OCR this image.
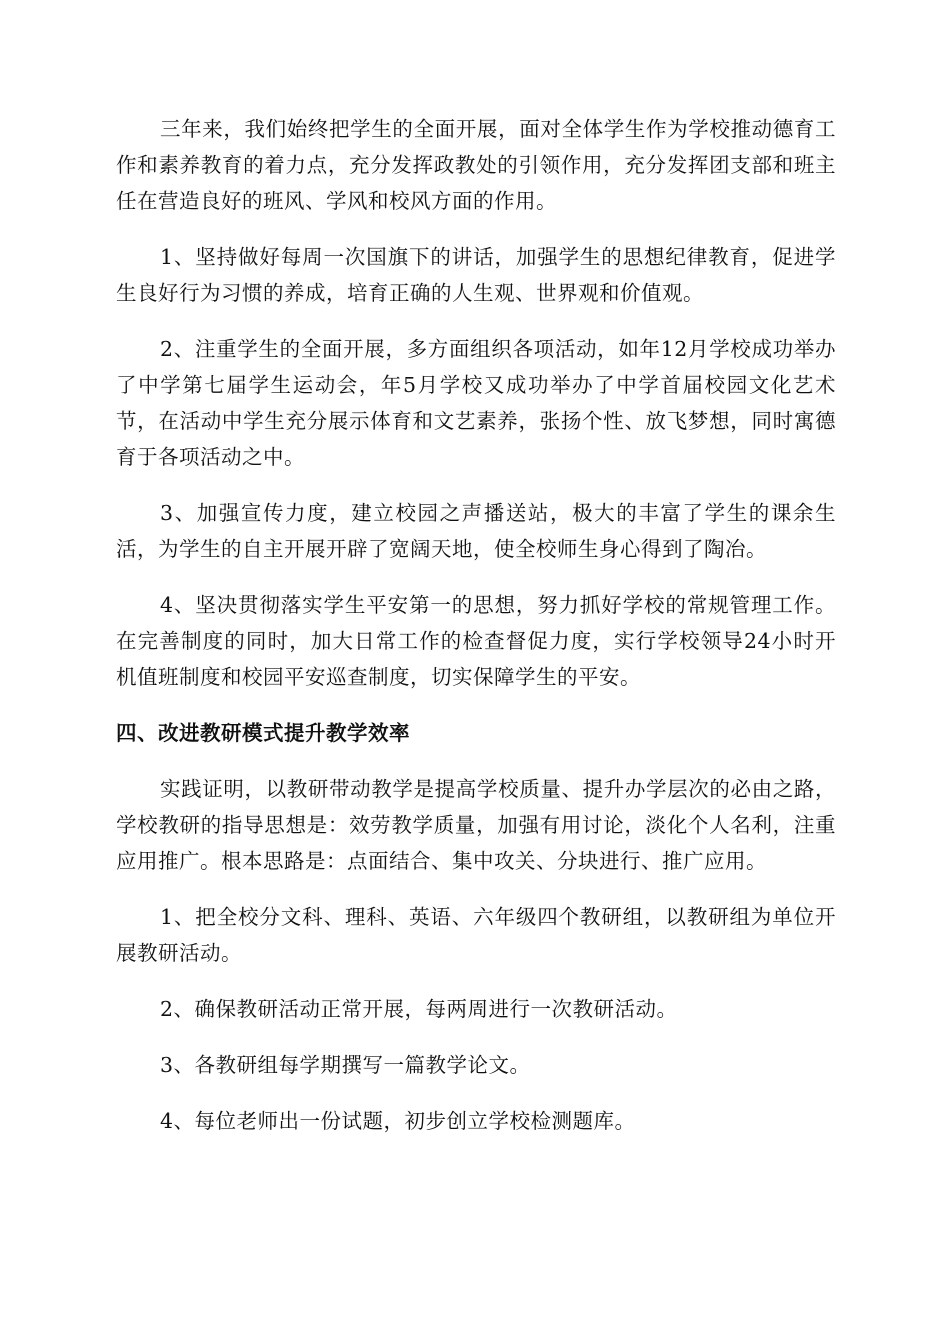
三年来，我们始终把学生的全面开展，面对全体学生作为学校推动德育工作和素养教育的着力点，充分发挥政教处的引领作用，充分发挥团支部和班主任在营造良好的班风、学风和校风方面的作用。

1、坚持做好每周一次国旗下的讲话，加强学生的思想纪律教育，促进学生良好行为习惯的养成，培育正确的人生观、世界观和价值观。

2、注重学生的全面开展，多方面组织各项活动，如年12月学校成功举办了中学第七届学生运动会，年5月学校又成功举办了中学首届校园文化艺术节，在活动中学生充分展示体育和文艺素养，张扬个性、放飞梦想，同时寓德育于各项活动之中。

3、加强宣传力度，建立校园之声播送站，极大的丰富了学生的课余生活，为学生的自主开展开辟了宽阔天地，使全校师生身心得到了陶冶。

4、坚决贯彻落实学生平安第一的思想，努力抓好学校的常规管理工作。在完善制度的同时，加大日常工作的检查督促力度，实行学校领导24小时开机值班制度和校园平安巡查制度，切实保障学生的平安。

四、改进教研模式提升教学效率

实践证明，以教研带动教学是提高学校质量、提升办学层次的必由之路，学校教研的指导思想是：效劳教学质量，加强有用讨论，淡化个人名利，注重应用推广。根本思路是：点面结合、集中攻关、分块进行、推广应用。

1、把全校分文科、理科、英语、六年级四个教研组，以教研组为单位开展教研活动。

2、确保教研活动正常开展，每两周进行一次教研活动。

3、各教研组每学期撰写一篇教学论文。

4、每位老师出一份试题，初步创立学校检测题库。
